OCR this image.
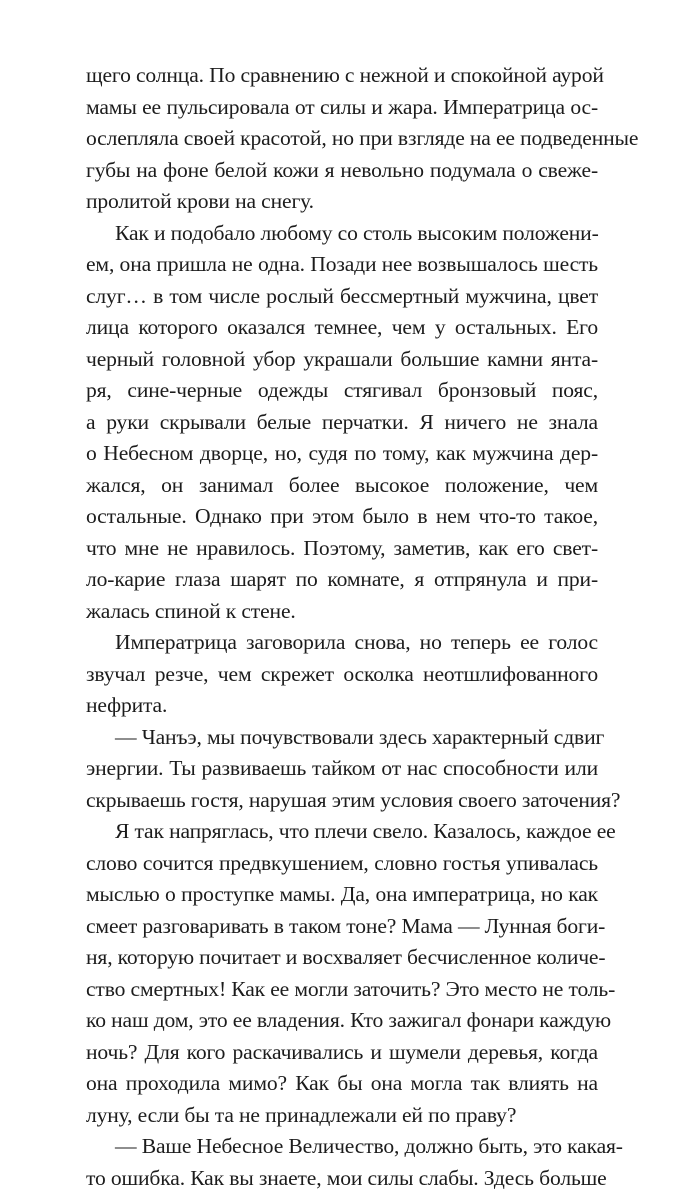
щего солнца. По сравнению с нежной и спокойной аурой
мамы ее пульсировала от силы и жара. Императрица ос-
ослепляла своей красотой, но при взгляде на ее подведенные
губы на фоне белой кожи я невольно подумала о свеже-
пролитой крови на снегу.
Как и подобало любому со столь высоким положени-
ем, она пришла не одна. Позади нее возвышалось шесть
слуг… в том числе рослый бессмертный мужчина, цвет
лица которого оказался темнее, чем у остальных. Его
черный головной убор украшали большие камни янта-
ря, сине-черные одежды стягивал бронзовый пояс,
а руки скрывали белые перчатки. Я ничего не знала
о Небесном дворце, но, судя по тому, как мужчина дер-
жался, он занимал более высокое положение, чем
остальные. Однако при этом было в нем что-то такое,
что мне не нравилось. Поэтому, заметив, как его свет-
ло-карие глаза шарят по комнате, я отпрянула и при-
жалась спиной к стене.
Императрица заговорила снова, но теперь ее голос
звучал резче, чем скрежет осколка неотшлифованного
нефрита.
— Чанъэ, мы почувствовали здесь характерный сдвиг
энергии. Ты развиваешь тайком от нас способности или
скрываешь гостя, нарушая этим условия своего заточения?
Я так напряглась, что плечи свело. Казалось, каждое ее
слово сочится предвкушением, словно гостья упивалась
мыслью о проступке мамы. Да, она императрица, но как
смеет разговаривать в таком тоне? Мама — Лунная боги-
ня, которую почитает и восхваляет бесчисленное количе-
ство смертных! Как ее могли заточить? Это место не толь-
ко наш дом, это ее владения. Кто зажигал фонари каждую
ночь? Для кого раскачивались и шумели деревья, когда
она проходила мимо? Как бы она могла так влиять на
луну, если бы та не принадлежали ей по праву?
— Ваше Небесное Величество, должно быть, это какая-
то ошибка. Как вы знаете, мои силы слабы. Здесь больше
